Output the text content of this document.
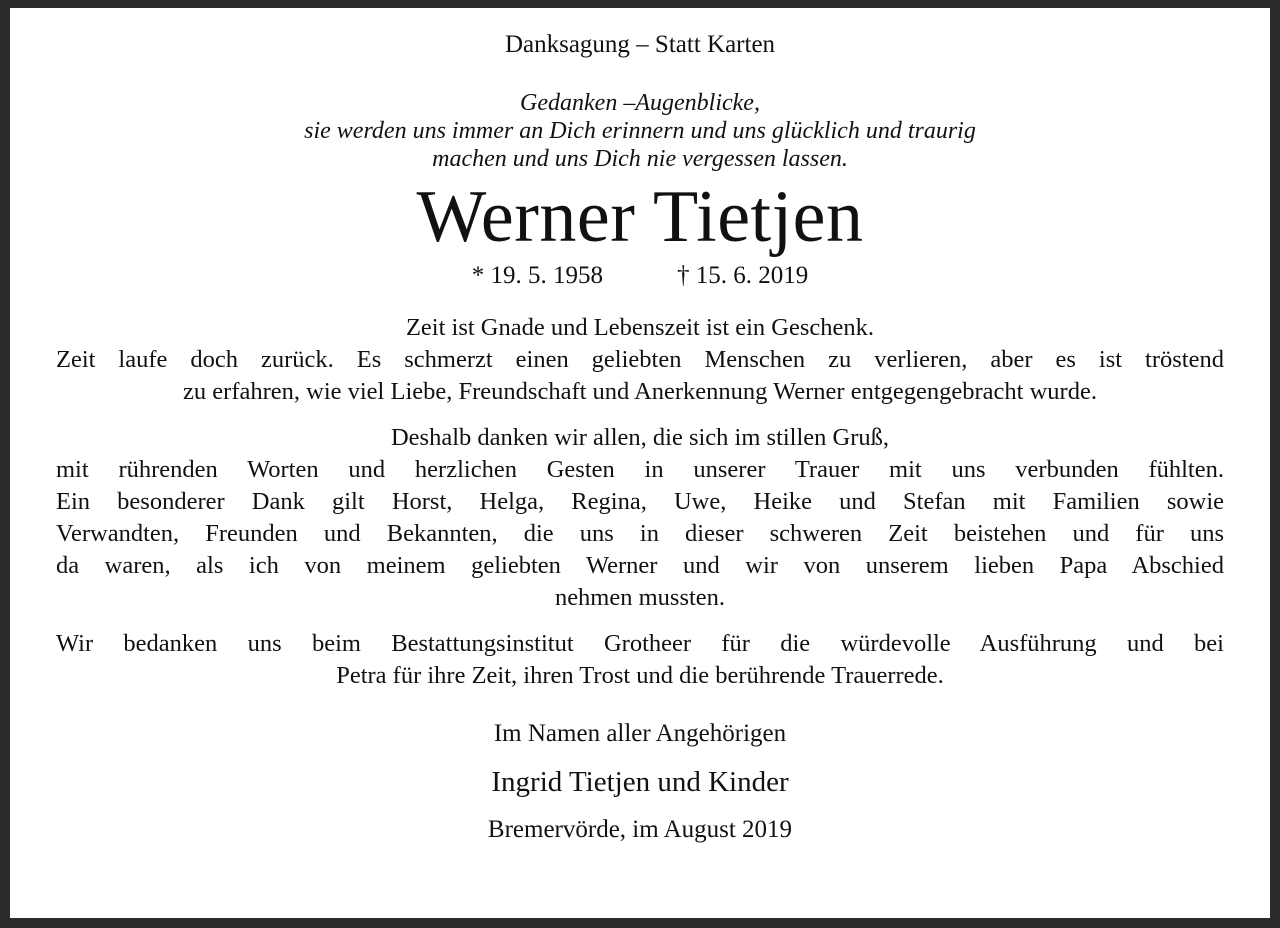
Danksagung – Statt Karten

Gedanken –Augenblicke,
sie werden uns immer an Dich erinnern und uns glücklich und traurig
machen und uns Dich nie vergessen lassen.

Werner Tietjen

* 19. 5. 1958	† 15. 6. 2019

Zeit ist Gnade und Lebenszeit ist ein Geschenk.
Zeit laufe doch zurück. Es schmerzt einen geliebten Menschen zu verlieren, aber es ist tröstend
zu erfahren, wie viel Liebe, Freundschaft und Anerkennung Werner entgegengebracht wurde.

Deshalb danken wir allen, die sich im stillen Gruß,
mit rührenden Worten und herzlichen Gesten in unserer Trauer mit uns verbunden fühlten.
Ein besonderer Dank gilt Horst, Helga, Regina, Uwe, Heike und Stefan mit Familien sowie
Verwandten, Freunden und Bekannten, die uns in dieser schweren Zeit beistehen und für uns
da waren, als ich von meinem geliebten Werner und wir von unserem lieben Papa Abschied
nehmen mussten.

Wir bedanken uns beim Bestattungsinstitut Grotheer für die würdevolle Ausführung und bei
Petra für ihre Zeit, ihren Trost und die berührende Trauerrede.

Im Namen aller Angehörigen

Ingrid Tietjen und Kinder

Bremervörde, im August 2019
